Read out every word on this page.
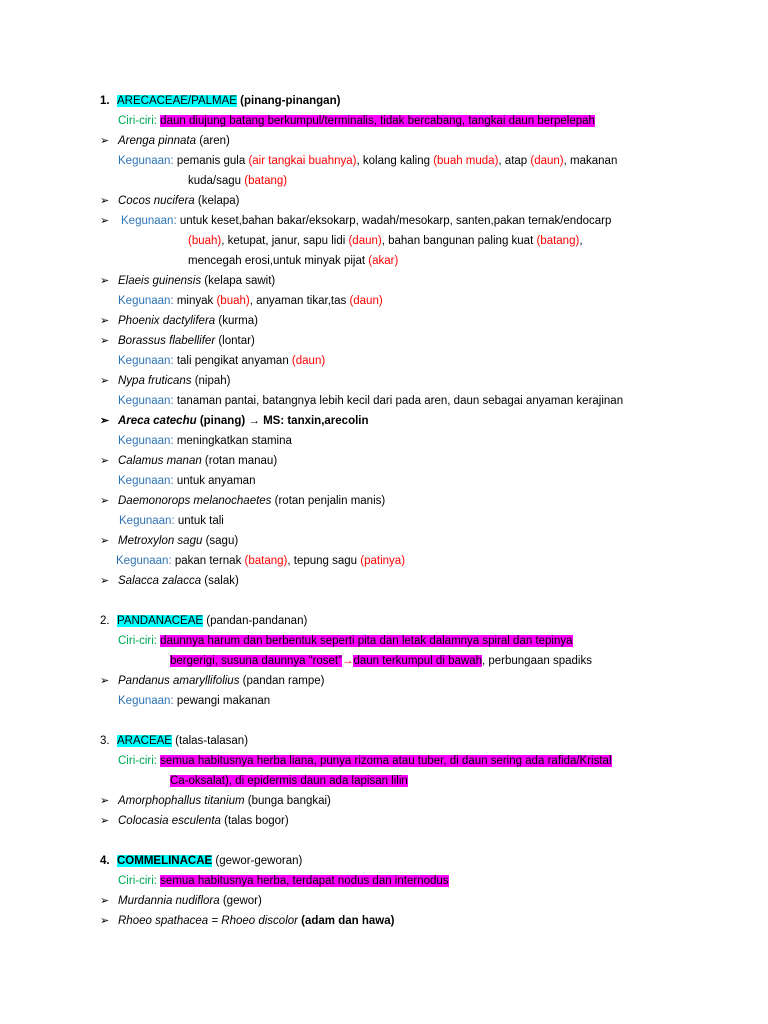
1. ARECACEAE/PALMAE (pinang-pinangan)
Ciri-ciri: daun diujung batang berkumpul/terminalis, tidak bercabang, tangkai daun berpelepah
➢ Arenga pinnata (aren)
Kegunaan: pemanis gula (air tangkai buahnya), kolang kaling (buah muda), atap (daun), makanan
kuda/sagu (batang)
➢ Cocos nucifera (kelapa)
➢ Kegunaan: untuk keset,bahan bakar/eksokarp, wadah/mesokarp, santen,pakan ternak/endocarp
(buah), ketupat, janur, sapu lidi (daun), bahan bangunan paling kuat (batang),
mencegah erosi,untuk minyak pijat (akar)
➢ Elaeis guinensis (kelapa sawit)
Kegunaan: minyak (buah), anyaman tikar,tas (daun)
➢ Phoenix dactylifera (kurma)
➢ Borassus flabellifer (lontar)
Kegunaan: tali pengikat anyaman (daun)
➢ Nypa fruticans (nipah)
Kegunaan: tanaman pantai, batangnya lebih kecil dari pada aren, daun sebagai anyaman kerajinan
➢ Areca catechu (pinang) → MS: tanxin,arecolin
Kegunaan: meningkatkan stamina
➢ Calamus manan (rotan manau)
Kegunaan: untuk anyaman
➢ Daemonorops melanochaetes (rotan penjalin manis)
Kegunaan: untuk tali
➢ Metroxylon sagu (sagu)
Kegunaan: pakan ternak (batang), tepung sagu (patinya)
➢ Salacca zalacca (salak)
2. PANDANACEAE (pandan-pandanan)
Ciri-ciri: daunnya harum dan berbentuk seperti pita dan letak dalamnya spiral dan tepinya
bergerigi, susuna daunnya “roset”→daun terkumpul di bawah, perbungaan spadiks
➢ Pandanus amaryllifolius (pandan rampe)
Kegunaan: pewangi makanan
3. ARACEAE (talas-talasan)
Ciri-ciri: semua habitusnya herba liana, punya rizoma atau tuber, di daun sering ada rafida/Kristal
Ca-oksalat), di epidermis daun ada lapisan lilin
➢ Amorphophallus titanium (bunga bangkai)
➢ Colocasia esculenta (talas bogor)
4. COMMELINACAE (gewor-geworan)
Ciri-ciri: semua habitusnya herba, terdapat nodus dan internodus
➢ Murdannia nudiflora (gewor)
➢ Rhoeo spathacea = Rhoeo discolor (adam dan hawa)
